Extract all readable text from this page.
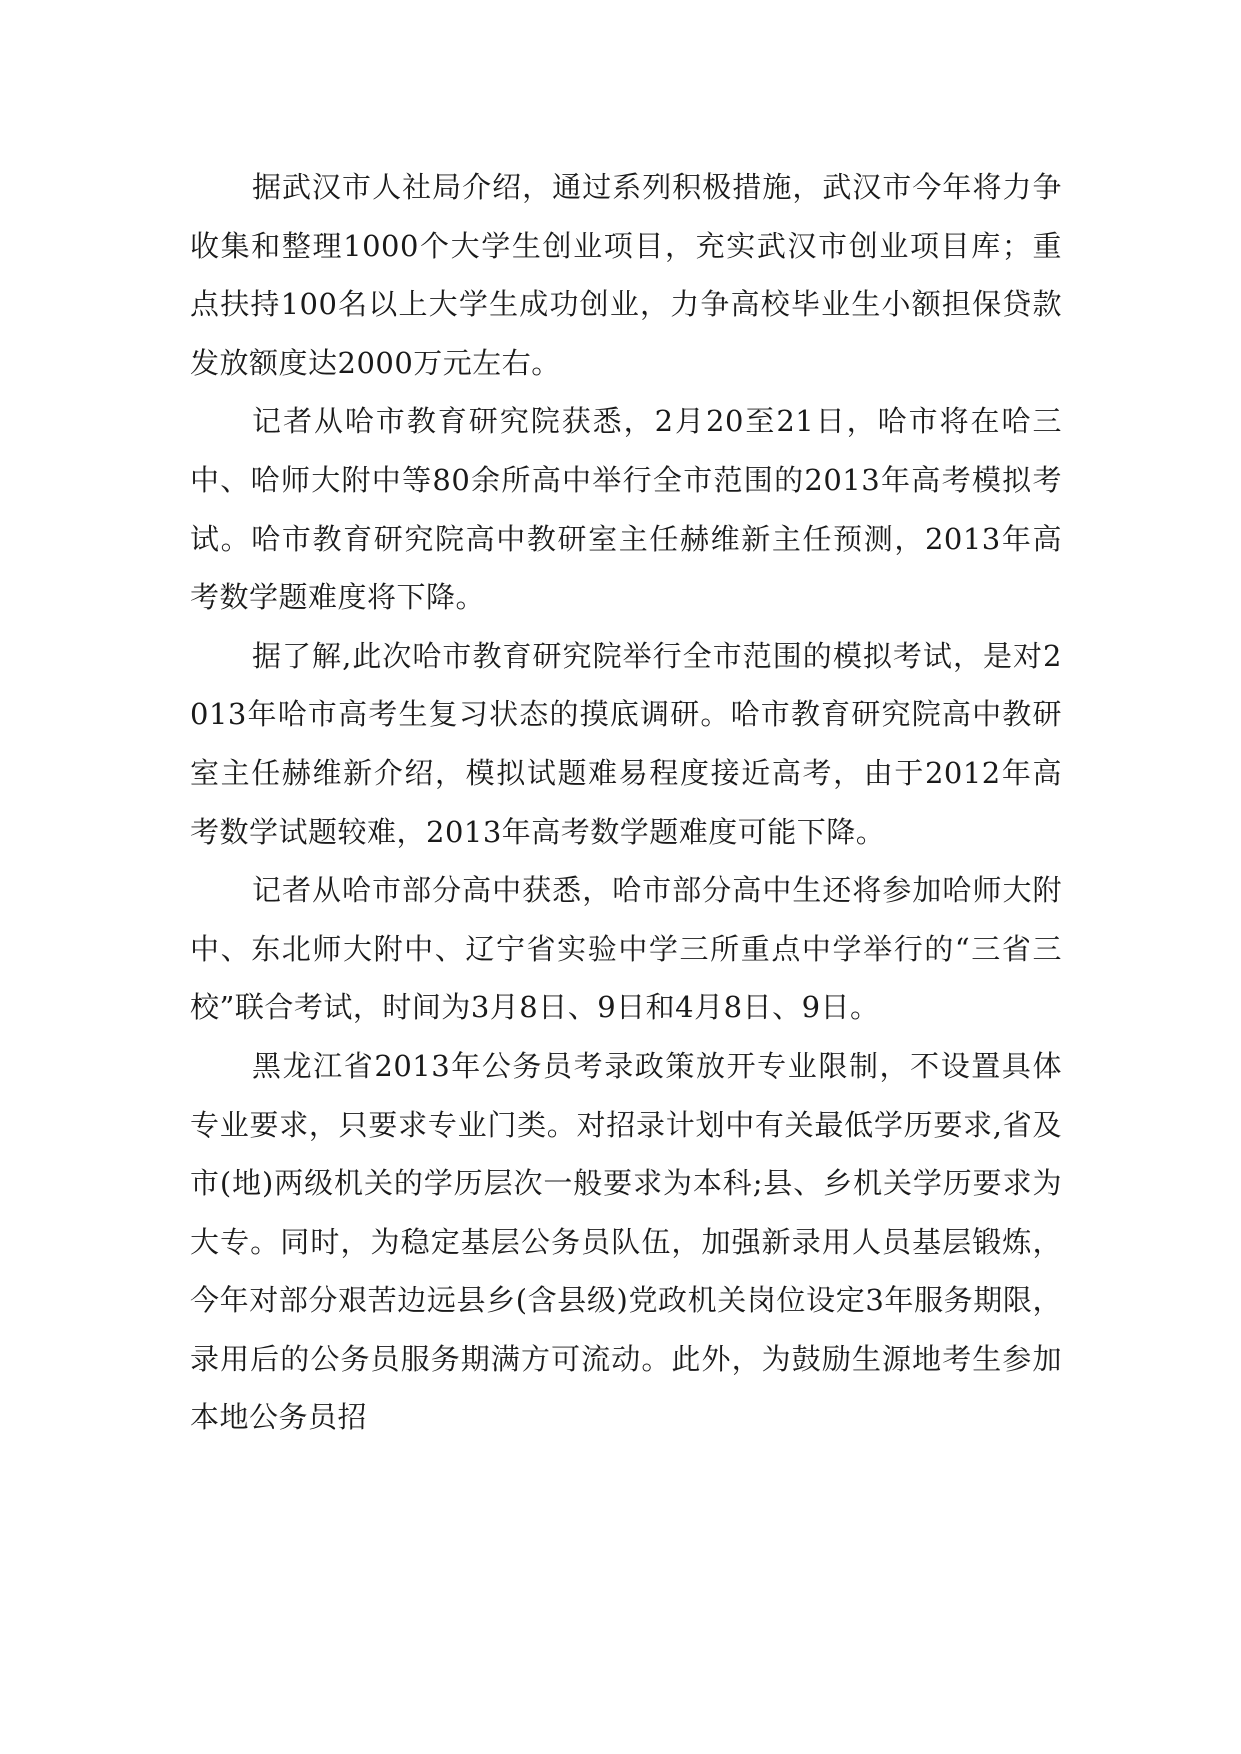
据武汉市人社局介绍，通过系列积极措施，武汉市今年将力争收集和整理1000个大学生创业项目，充实武汉市创业项目库；重点扶持100名以上大学生成功创业，力争高校毕业生小额担保贷款发放额度达2000万元左右。

记者从哈市教育研究院获悉，2月20至21日，哈市将在哈三中、哈师大附中等80余所高中举行全市范围的2013年高考模拟考试。哈市教育研究院高中教研室主任赫维新主任预测，2013年高考数学题难度将下降。

据了解,此次哈市教育研究院举行全市范围的模拟考试，是对2013年哈市高考生复习状态的摸底调研。哈市教育研究院高中教研室主任赫维新介绍，模拟试题难易程度接近高考，由于2012年高考数学试题较难，2013年高考数学题难度可能下降。

记者从哈市部分高中获悉，哈市部分高中生还将参加哈师大附中、东北师大附中、辽宁省实验中学三所重点中学举行的“三省三校”联合考试，时间为3月8日、9日和4月8日、9日。

黑龙江省2013年公务员考录政策放开专业限制，不设置具体专业要求，只要求专业门类。对招录计划中有关最低学历要求,省及市(地)两级机关的学历层次一般要求为本科;县、乡机关学历要求为大专。同时，为稳定基层公务员队伍，加强新录用人员基层锻炼，今年对部分艰苦边远县乡(含县级)党政机关岗位设定3年服务期限，录用后的公务员服务期满方可流动。此外，为鼓励生源地考生参加本地公务员招
